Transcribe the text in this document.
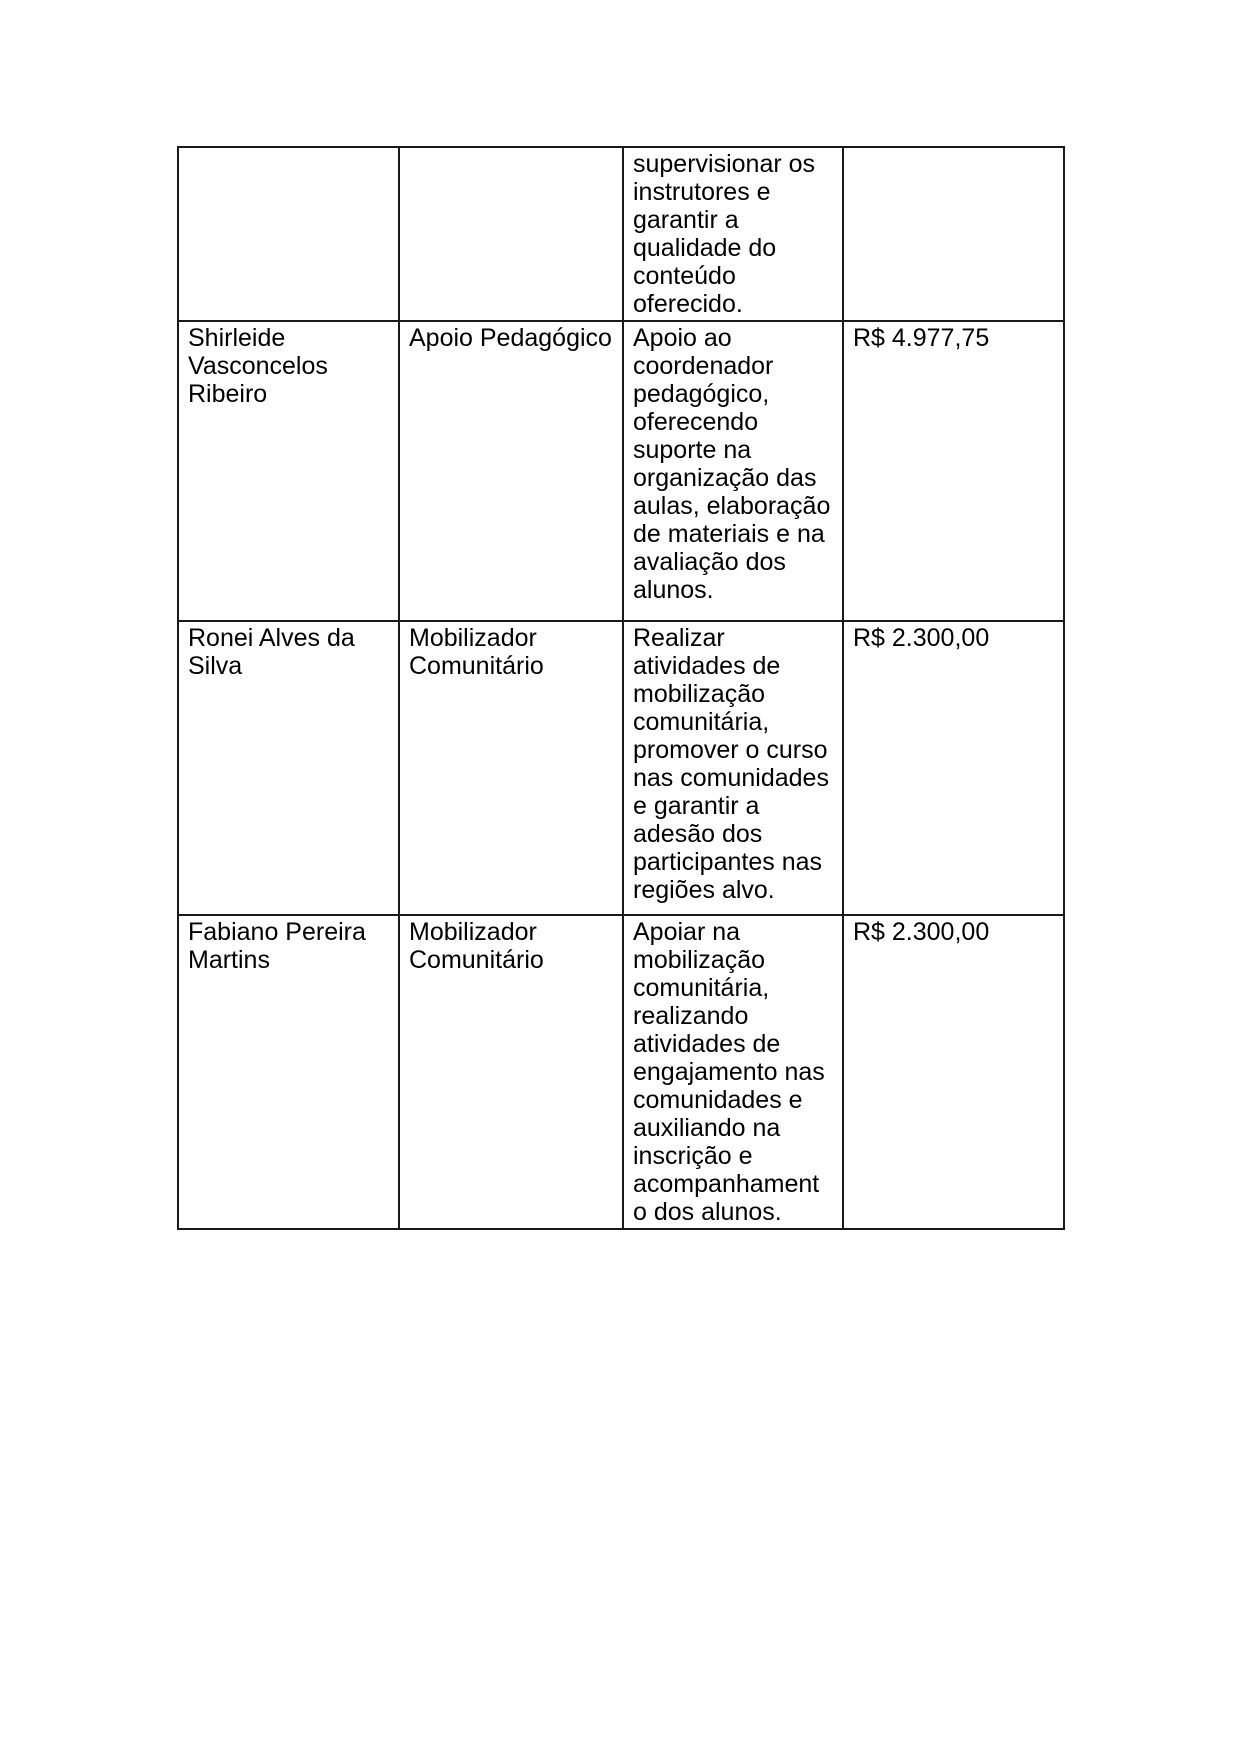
		supervisionar os instrutores e garantir a qualidade do conteúdo oferecido.	
Shirleide Vasconcelos Ribeiro	Apoio Pedagógico	Apoio ao coordenador pedagógico, oferecendo suporte na organização das aulas, elaboração de materiais e na avaliação dos alunos.	R$ 4.977,75
Ronei Alves da Silva	Mobilizador Comunitário	Realizar atividades de mobilização comunitária, promover o curso nas comunidades e garantir a adesão dos participantes nas regiões alvo.	R$ 2.300,00
Fabiano Pereira Martins	Mobilizador Comunitário	Apoiar na mobilização comunitária, realizando atividades de engajamento nas comunidades e auxiliando na inscrição e acompanhamento dos alunos.	R$ 2.300,00
